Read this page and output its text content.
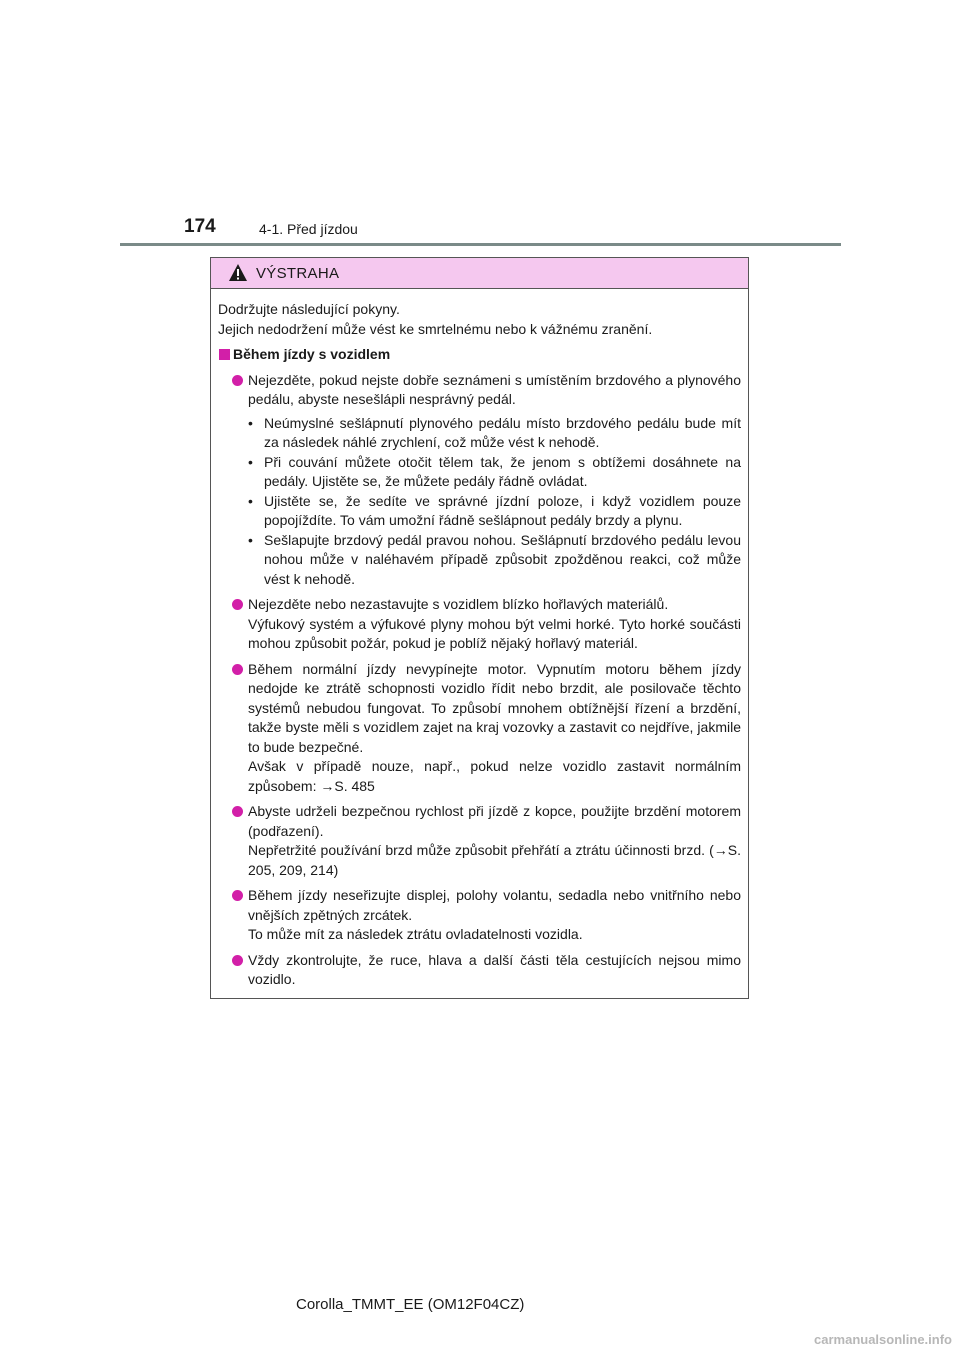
174	4-1. Před jízdou
VÝSTRAHA

Dodržujte následující pokyny.

Jejich nedodržení může vést ke smrtelnému nebo k vážnému zranění.

Během jízdy s vozidlem

Nejezděte, pokud nejste dobře seznámeni s umístěním brzdového a plynového pedálu, abyste nesešlápli nesprávný pedál.

• Neúmyslné sešlápnutí plynového pedálu místo brzdového pedálu bude mít za následek náhlé zrychlení, což může vést k nehodě.
• Při couvání můžete otočit tělem tak, že jenom s obtížemi dosáhnete na pedály. Ujistěte se, že můžete pedály řádně ovládat.
• Ujistěte se, že sedíte ve správné jízdní poloze, i když vozidlem pouze popojíždíte. To vám umožní řádně sešlápnout pedály brzdy a plynu.
• Sešlapujte brzdový pedál pravou nohou. Sešlápnutí brzdového pedálu levou nohou může v naléhavém případě způsobit zpožděnou reakci, což může vést k nehodě.

Nejezděte nebo nezastavujte s vozidlem blízko hořlavých materiálů.

Výfukový systém a výfukové plyny mohou být velmi horké. Tyto horké součásti mohou způsobit požár, pokud je poblíž nějaký hořlavý materiál.

Během normální jízdy nevypínejte motor. Vypnutím motoru během jízdy nedojde ke ztrátě schopnosti vozidlo řídit nebo brzdit, ale posilovače těchto systémů nebudou fungovat. To způsobí mnohem obtížnější řízení a brzdění, takže byste měli s vozidlem zajet na kraj vozovky a zastavit co nejdříve, jakmile to bude bezpečné.

Avšak v případě nouze, např., pokud nelze vozidlo zastavit normálním způsobem: →S. 485

Abyste udrželi bezpečnou rychlost při jízdě z kopce, použijte brzdění motorem (podřazení).

Nepřetržité používání brzd může způsobit přehřátí a ztrátu účinnosti brzd. (→S. 205, 209, 214)

Během jízdy neseřizujte displej, polohy volantu, sedadla nebo vnitřního nebo vnějších zpětných zrcátek.

To může mít za následek ztrátu ovladatelnosti vozidla.

Vždy zkontrolujte, že ruce, hlava a další části těla cestujících nejsou mimo vozidlo.

Corolla_TMMT_EE (OM12F04CZ)
carmanualsonline.info
